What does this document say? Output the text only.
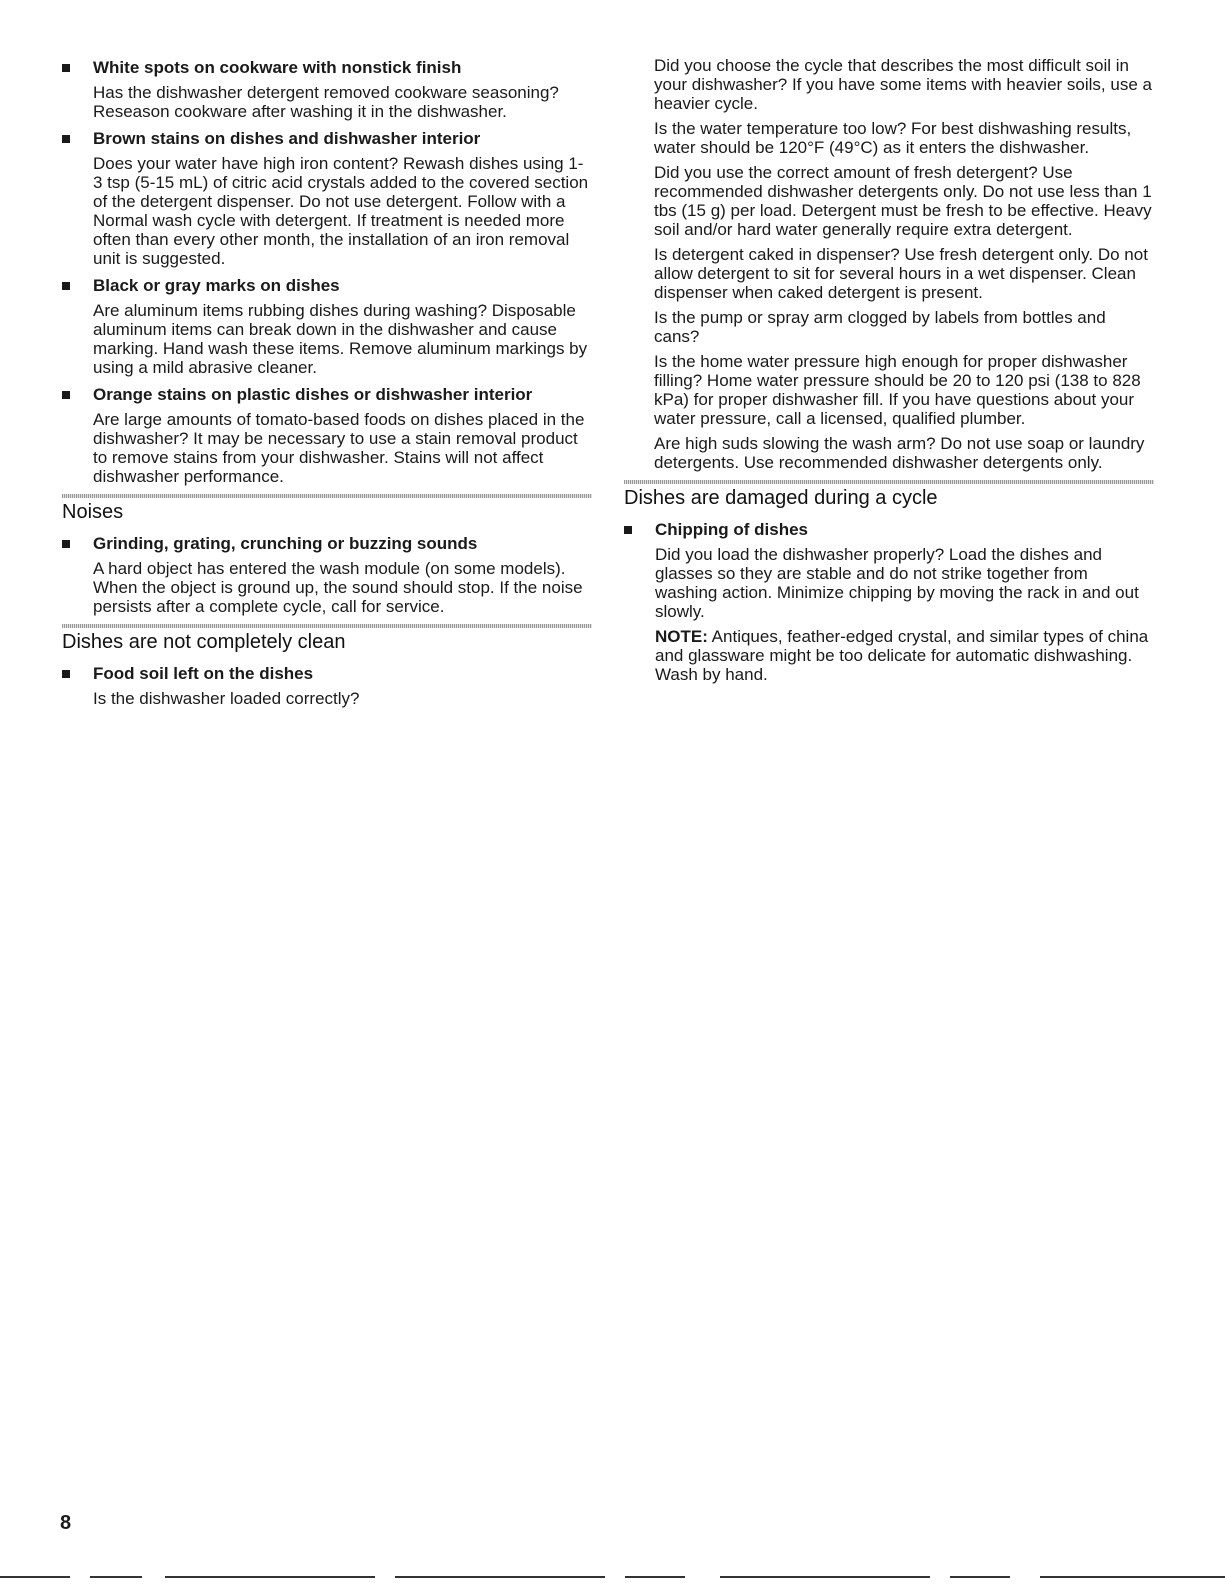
White spots on cookware with nonstick finish

Has the dishwasher detergent removed cookware seasoning? Reseason cookware after washing it in the dishwasher.

Brown stains on dishes and dishwasher interior

Does your water have high iron content? Rewash dishes using 1-3 tsp (5-15 mL) of citric acid crystals added to the covered section of the detergent dispenser. Do not use detergent. Follow with a Normal wash cycle with detergent. If treatment is needed more often than every other month, the installation of an iron removal unit is suggested.

Black or gray marks on dishes

Are aluminum items rubbing dishes during washing? Disposable aluminum items can break down in the dishwasher and cause marking. Hand wash these items. Remove aluminum markings by using a mild abrasive cleaner.

Orange stains on plastic dishes or dishwasher interior

Are large amounts of tomato-based foods on dishes placed in the dishwasher? It may be necessary to use a stain removal product to remove stains from your dishwasher. Stains will not affect dishwasher performance.

Noises
Grinding, grating, crunching or buzzing sounds

A hard object has entered the wash module (on some models). When the object is ground up, the sound should stop. If the noise persists after a complete cycle, call for service.

Dishes are not completely clean
Food soil left on the dishes

Is the dishwasher loaded correctly?

Did you choose the cycle that describes the most difficult soil in your dishwasher? If you have some items with heavier soils, use a heavier cycle.

Is the water temperature too low? For best dishwashing results, water should be 120°F (49°C) as it enters the dishwasher.

Did you use the correct amount of fresh detergent? Use recommended dishwasher detergents only. Do not use less than 1 tbs (15 g) per load. Detergent must be fresh to be effective. Heavy soil and/or hard water generally require extra detergent.

Is detergent caked in dispenser? Use fresh detergent only. Do not allow detergent to sit for several hours in a wet dispenser. Clean dispenser when caked detergent is present.

Is the pump or spray arm clogged by labels from bottles and cans?

Is the home water pressure high enough for proper dishwasher filling? Home water pressure should be 20 to 120 psi (138 to 828 kPa) for proper dishwasher fill. If you have questions about your water pressure, call a licensed, qualified plumber.

Are high suds slowing the wash arm? Do not use soap or laundry detergents. Use recommended dishwasher detergents only.

Dishes are damaged during a cycle
Chipping of dishes

Did you load the dishwasher properly? Load the dishes and glasses so they are stable and do not strike together from washing action. Minimize chipping by moving the rack in and out slowly.

NOTE: Antiques, feather-edged crystal, and similar types of china and glassware might be too delicate for automatic dishwashing. Wash by hand.

8
